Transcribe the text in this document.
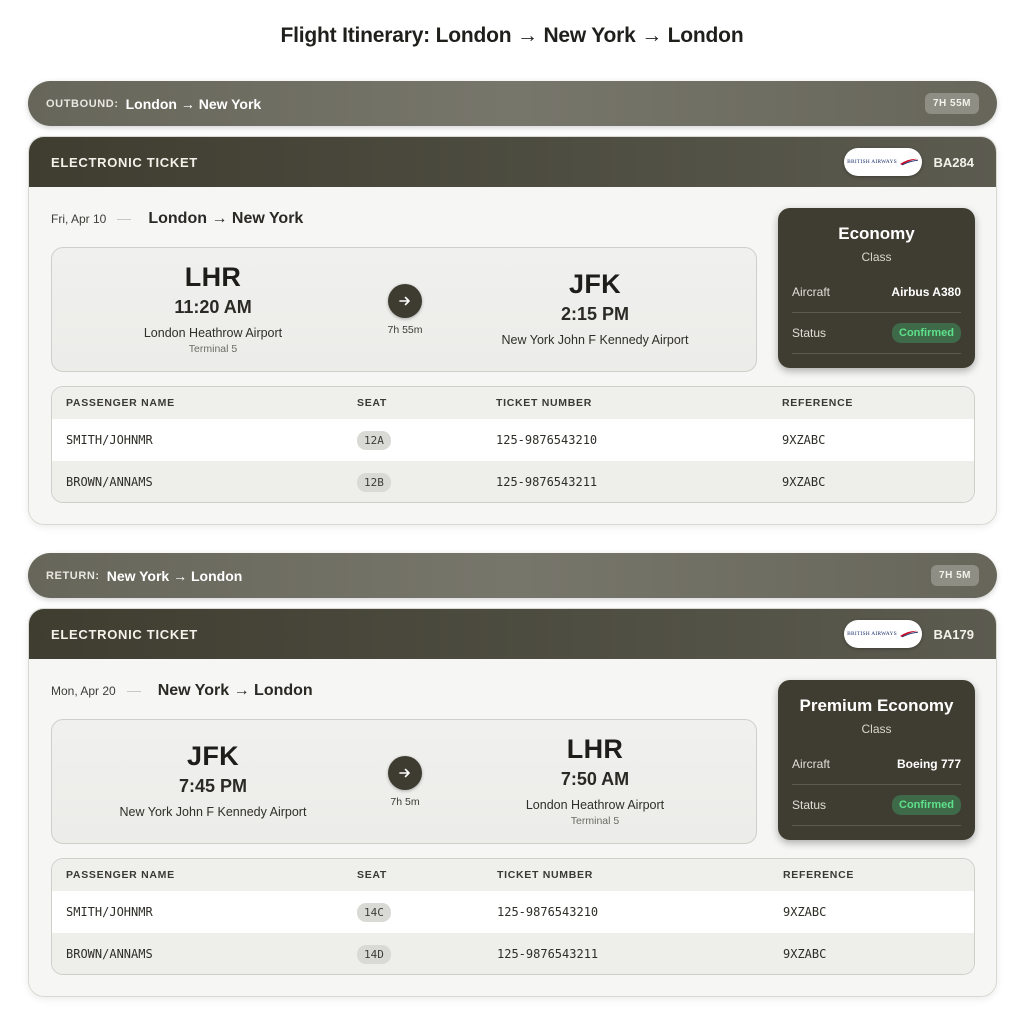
Flight Itinerary: London → New York → London
OUTBOUND: London → New York	7H 55M
ELECTRONIC TICKET	BRITISH AIRWAYS	BA284
Fri, Apr 10	London → New York
LHR
11:20 AM
London Heathrow Airport
Terminal 5
7h 55m
JFK
2:15 PM
New York John F Kennedy Airport
Economy
Class
Aircraft	Airbus A380
Status	Confirmed
PASSENGER NAME	SEAT	TICKET NUMBER	REFERENCE
SMITH/JOHNMR	12A	125-9876543210	9XZABC
BROWN/ANNAMS	12B	125-9876543211	9XZABC
RETURN: New York → London	7H 5M
ELECTRONIC TICKET	BRITISH AIRWAYS	BA179
Mon, Apr 20	New York → London
JFK
7:45 PM
New York John F Kennedy Airport
7h 5m
LHR
7:50 AM
London Heathrow Airport
Terminal 5
Premium Economy
Class
Aircraft	Boeing 777
Status	Confirmed
PASSENGER NAME	SEAT	TICKET NUMBER	REFERENCE
SMITH/JOHNMR	14C	125-9876543210	9XZABC
BROWN/ANNAMS	14D	125-9876543211	9XZABC
